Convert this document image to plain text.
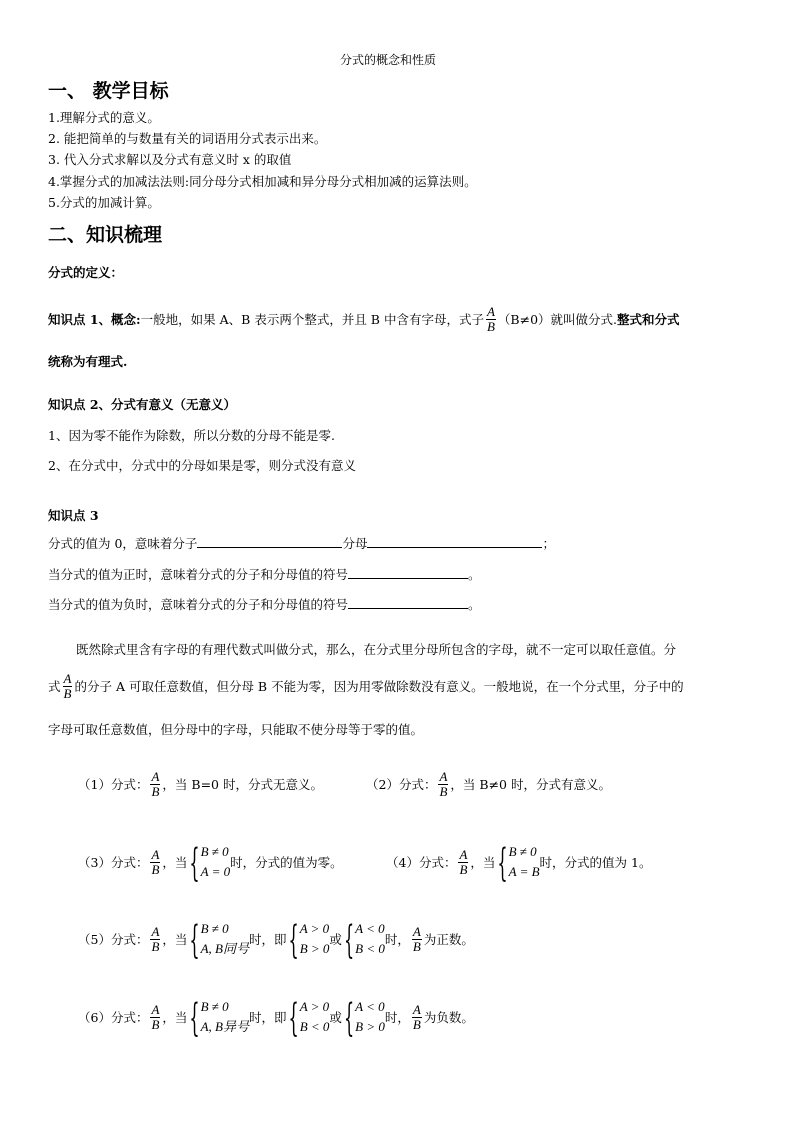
分式的概念和性质
一、 教学目标
1.理解分式的意义。
2. 能把简单的与数量有关的词语用分式表示出来。
3. 代入分式求解以及分式有意义时 x 的取值
4.掌握分式的加减法法则:同分母分式相加减和异分母分式相加减的运算法则。
5.分式的加减计算。
二、知识梳理
分式的定义：
知识点 1、概念: 一般地，如果 A、B 表示两个整式，并且 B 中含有字母，式子 $\frac{A}{B} (B\ne 0)$就叫做分式. 整式和分式
统称为有理式.
知识点 2、分式有意义（无意义）
1、因为零不能作为除数，所以分数的分母不能是零.
2、在分式中，分式中的分母如果是零，则分式没有意义
知识点 3
分式的值为 0，意味着分子	分母	；
当分式的值为正时，意味着分式的分子和分母值的符号	。
当分式的值为负时，意味着分式的分子和分母值的符号	。
既然除式里含有字母的有理代数式叫做分式，那么，在分式里分母所包含的字母，就不一定可以取任意值。分
式 $\frac{A}{B}$ 的分子 A 可取任意数值，但分母 B 不能为零，因为用零做除数没有意义。一般地说，在一个分式里，分子中的
字母可取任意数值，但分母中的字母，只能取不使分母等于零的值。
（1）分式： $\frac{A}{B}$ ，当 B=0 时，分式无意义。	（2）分式： $\frac{A}{B}$ ，当 B≠0 时，分式有意义。
（3）分式： $\frac{A}{B}$ ，当 { B ≠ 0
A = 0
时，分式的值为零。	（4）分式： $\frac{A}{B}$ ，当 { B ≠ 0
A = B
时，分式的值为 1。
（5）分式： $\frac{A}{B}$ ，当 { B ≠ 0
A, B同号
时，即 { A > 0
B > 0
或 { A < 0
B < 0
时， $\frac{A}{B}$ 为正数。
（6）分式： $\frac{A}{B}$ ，当 { B ≠ 0
A, B异号
时，即 { A > 0
B < 0
或 { A < 0
B > 0
时， $\frac{A}{B}$ 为负数。
